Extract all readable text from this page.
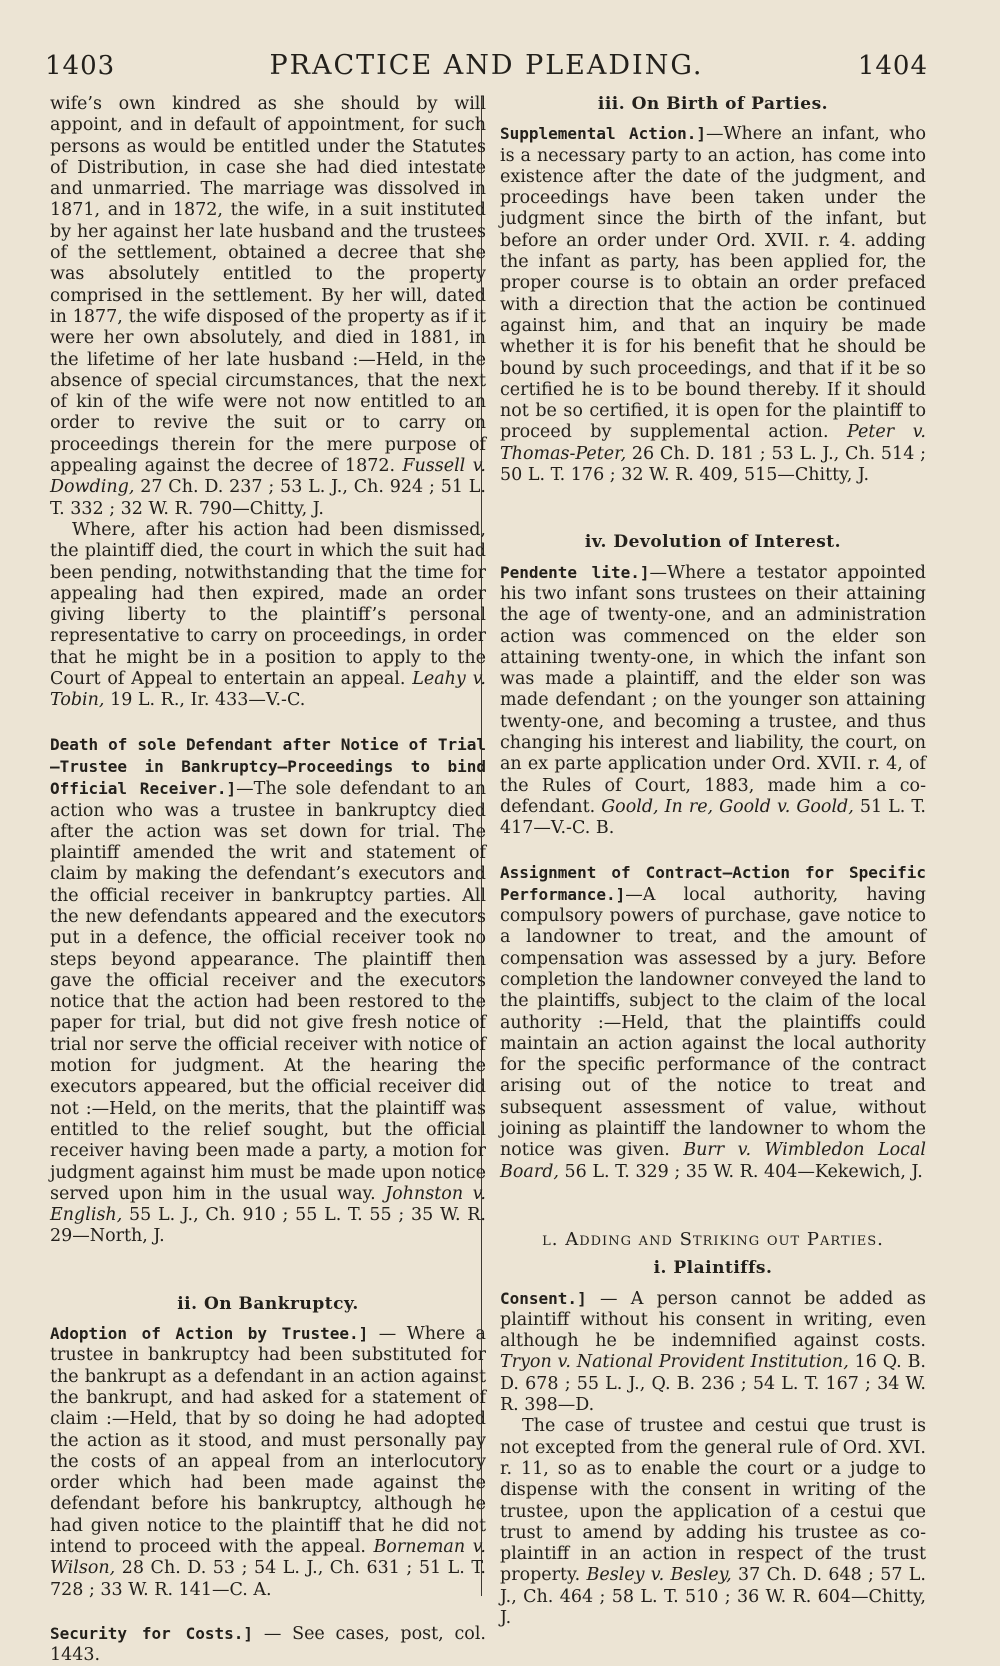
1403	PRACTICE AND PLEADING.	1404

wife’s own kindred as she should by will appoint, and in default of appointment, for such persons as would be entitled under the Statutes of Distribution, in case she had died intestate and unmarried. The marriage was dissolved in 1871, and in 1872, the wife, in a suit instituted by her against her late husband and the trustees of the settlement, obtained a decree that she was absolutely entitled to the property comprised in the settlement. By her will, dated in 1877, the wife disposed of the property as if it were her own absolutely, and died in 1881, in the lifetime of her late husband :—Held, in the absence of special circumstances, that the next of kin of the wife were not now entitled to an order to revive the suit or to carry on proceedings therein for the mere purpose of appealing against the decree of 1872. Fussell v. Dowding, 27 Ch. D. 237 ; 53 L. J., Ch. 924 ; 51 L. T. 332 ; 32 W. R. 790—Chitty, J.

Where, after his action had been dismissed, the plaintiff died, the court in which the suit had been pending, notwithstanding that the time for appealing had then expired, made an order giving liberty to the plaintiff’s personal representative to carry on proceedings, in order that he might be in a position to apply to the Court of Appeal to entertain an appeal. Leahy v. Tobin, 19 L. R., Ir. 433—V.-C.

Death of sole Defendant after Notice of Trial—Trustee in Bankruptcy—Proceedings to bind Official Receiver.]—The sole defendant to an action who was a trustee in bankruptcy died after the action was set down for trial. The plaintiff amended the writ and statement of claim by making the defendant’s executors and the official receiver in bankruptcy parties. All the new defendants appeared and the executors put in a defence, the official receiver took no steps beyond appearance. The plaintiff then gave the official receiver and the executors notice that the action had been restored to the paper for trial, but did not give fresh notice of trial nor serve the official receiver with notice of motion for judgment. At the hearing the executors appeared, but the official receiver did not :—Held, on the merits, that the plaintiff was entitled to the relief sought, but the official receiver having been made a party, a motion for judgment against him must be made upon notice served upon him in the usual way. Johnston v. English, 55 L. J., Ch. 910 ; 55 L. T. 55 ; 35 W. R. 29—North, J.

ii. On Bankruptcy.

Adoption of Action by Trustee.] — Where a trustee in bankruptcy had been substituted for the bankrupt as a defendant in an action against the bankrupt, and had asked for a statement of claim :—Held, that by so doing he had adopted the action as it stood, and must personally pay the costs of an appeal from an interlocutory order which had been made against the defendant before his bankruptcy, although he had given notice to the plaintiff that he did not intend to proceed with the appeal. Borneman v. Wilson, 28 Ch. D. 53 ; 54 L. J., Ch. 631 ; 51 L. T. 728 ; 33 W. R. 141—C. A.

Security for Costs.] — See cases, post, col. 1443.

iii. On Birth of Parties.

Supplemental Action.]—Where an infant, who is a necessary party to an action, has come into existence after the date of the judgment, and proceedings have been taken under the judgment since the birth of the infant, but before an order under Ord. XVII. r. 4. adding the infant as party, has been applied for, the proper course is to obtain an order prefaced with a direction that the action be continued against him, and that an inquiry be made whether it is for his benefit that he should be bound by such proceedings, and that if it be so certified he is to be bound thereby. If it should not be so certified, it is open for the plaintiff to proceed by supplemental action. Peter v. Thomas-Peter, 26 Ch. D. 181 ; 53 L. J., Ch. 514 ; 50 L. T. 176 ; 32 W. R. 409, 515—Chitty, J.

iv. Devolution of Interest.

Pendente lite.]—Where a testator appointed his two infant sons trustees on their attaining the age of twenty-one, and an administration action was commenced on the elder son attaining twenty-one, in which the infant son was made a plaintiff, and the elder son was made defendant ; on the younger son attaining twenty-one, and becoming a trustee, and thus changing his interest and liability, the court, on an ex parte application under Ord. XVII. r. 4, of the Rules of Court, 1883, made him a co-defendant. Goold, In re, Goold v. Goold, 51 L. T. 417—V.-C. B.

Assignment of Contract—Action for Specific Performance.]—A local authority, having compulsory powers of purchase, gave notice to a landowner to treat, and the amount of compensation was assessed by a jury. Before completion the landowner conveyed the land to the plaintiffs, subject to the claim of the local authority :—Held, that the plaintiffs could maintain an action against the local authority for the specific performance of the contract arising out of the notice to treat and subsequent assessment of value, without joining as plaintiff the landowner to whom the notice was given. Burr v. Wimbledon Local Board, 56 L. T. 329 ; 35 W. R. 404—Kekewich, J.

l. Adding and Striking out Parties.
i. Plaintiffs.

Consent.] — A person cannot be added as plaintiff without his consent in writing, even although he be indemnified against costs. Tryon v. National Provident Institution, 16 Q. B. D. 678 ; 55 L. J., Q. B. 236 ; 54 L. T. 167 ; 34 W. R. 398—D.

The case of trustee and cestui que trust is not excepted from the general rule of Ord. XVI. r. 11, so as to enable the court or a judge to dispense with the consent in writing of the trustee, upon the application of a cestui que trust to amend by adding his trustee as co-plaintiff in an action in respect of the trust property. Besley v. Besley, 37 Ch. D. 648 ; 57 L. J., Ch. 464 ; 58 L. T. 510 ; 36 W. R. 604—Chitty, J.
